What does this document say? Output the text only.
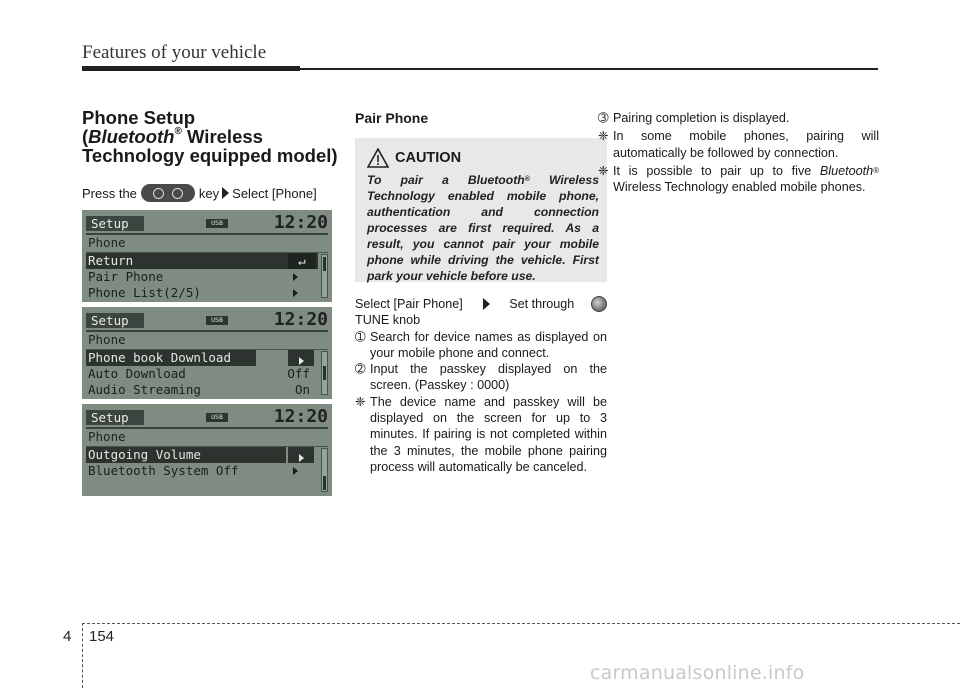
Features of your vehicle
Phone Setup
(Bluetooth® Wireless
Technology equipped model)
Press the	key Select [Phone]
Setup	USB	12:20
Phone
Return	↵
Pair Phone
Phone List(2/5)
Setup	USB	12:20
Phone
Phone book Download
Auto Download	Off
Audio Streaming	On
Setup	USB	12:20
Phone
Outgoing Volume
Bluetooth System Off
Pair Phone
CAUTION
To pair a Bluetooth® Wireless Technology enabled mobile phone, authentication and connection processes are first required. As a result, you cannot pair your mobile phone while driving the vehicle. First park your vehicle before use.

Select [Pair Phone]	Set through

TUNE knob

➀ Search for device names as displayed on your mobile phone and connect.

➁ Input the passkey displayed on the screen. (Passkey : 0000)

❈ The device name and passkey will be displayed on the screen for up to 3 minutes. If pairing is not completed within the 3 minutes, the mobile phone pairing process will automatically be canceled.

➂ Pairing completion is displayed.

❈ In some mobile phones, pairing will automatically be followed by connection.

❈ It is possible to pair up to five Bluetooth® Wireless Technology enabled mobile phones.

4 154
carmanualsonline.info
